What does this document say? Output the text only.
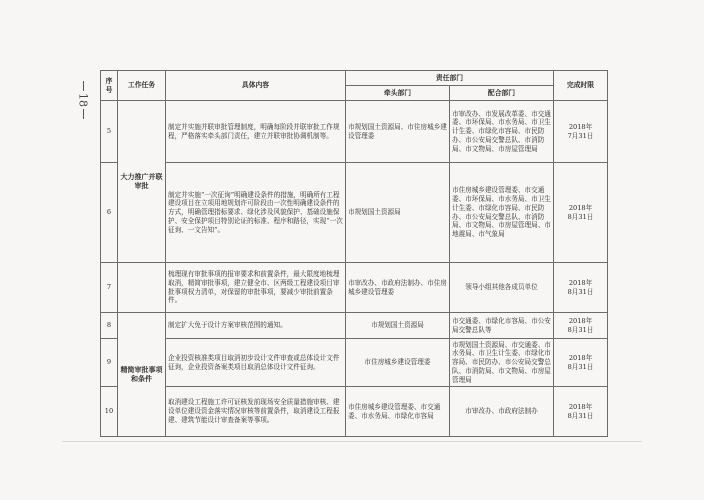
18
序号	工作任务	具体内容	责任部门		完成时限
			牵头部门	配合部门	
5	大力推广并联审批	制定并实施并联审批管理制度，明确每阶段并联审批工作规程，严格落实牵头部门责任，建立并联审批协调机制等。	市规划国土资源局、市住房城乡建设管理委	市审改办、市发展改革委、市交通委、市环保局、市水务局、市卫生计生委、市绿化市容局、市民防办、市公安局交警总队、市消防局、市文物局、市房屋管理局	2018年
7月31日
6		制定并实施“一次征询”明确建设条件的措施，明确所有工程建设项目在立项用地规划许可阶段由一次性明确建设条件的方式，明确管理指标要求、绿化涉及风貌保护、基础设施保护、安全保护项目特别论证的标准、程序和路径，实现“一次征询、一文告知”。	市规划国土资源局	市住房城乡建设管理委、市交通委、市环保局、市水务局、市卫生计生委、市绿化市容局、市民防办、市公安局交警总队、市消防局、市文物局、市房屋管理局、市地震局、市气象局	2018年
8月31日
7		梳理现有审批事项的报审要求和前置条件，最大限度地梳理取消，精简审批事项，建立健全市、区两级工程建设项目审批事项权力清单，对保留的审批事项，要减少审批前置条件。	市审改办、市政府法制办、市住房城乡建设管理委	领导小组其他各成员单位	2018年
8月31日
8	精简审批事项和条件	制定扩大免于设计方案审核范围的通知。	市规划国土资源局	市交通委、市绿化市容局、市公安局交警总队等	2018年
8月31日
9		企业投资核准类项目取消初步设计文件审查或总体设计文件征询，企业投资备案类项目取消总体设计文件征询。	市住房城乡建设管理委	市规划国土资源局、市交通委、市水务局、市卫生计生委、市绿化市容局、市民防办、市公安局交警总队、市消防局、市文物局、市房屋管理局	2018年
8月31日
10		取消建设工程施工许可证核发前现场安全质量措施审核、建设单位建设资金落实情况审核等前置条件，取消建设工程报建、建筑节能设计审查备案等事项。	市住房城乡建设管理委、市交通委、市水务局、市绿化市容局	市审改办、市政府法制办	2018年
8月31日
